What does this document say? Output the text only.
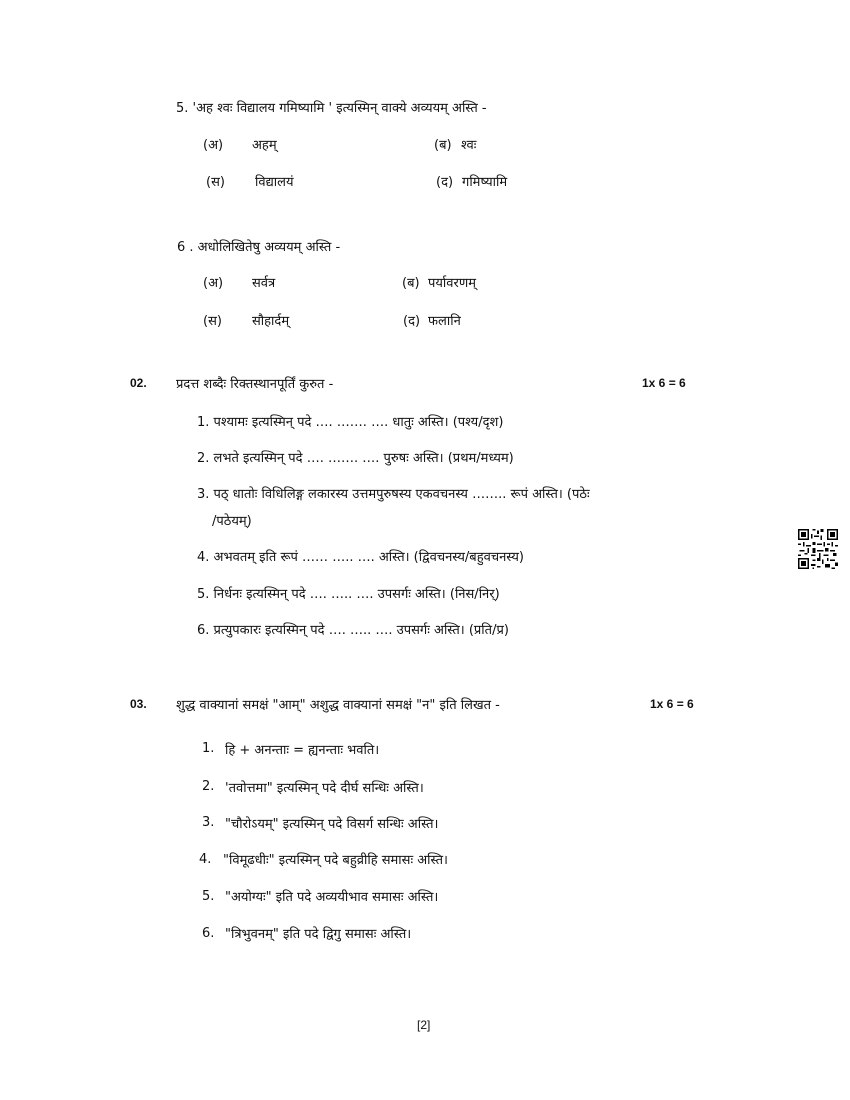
5. 'अह श्वः विद्यालय गमिष्यामि ' इत्यस्मिन् वाक्ये अव्ययम् अस्ति -
(अ) अहम्	(ब) श्वः
(स) विद्यालयं	(द) गमिष्यामि
6 . अधोलिखितेषु अव्ययम् अस्ति -
(अ) सर्वत्र	(ब) पर्यावरणम्
(स) सौहार्दम्	(द) फलानि
02. प्रदत्त शब्दैः रिक्तस्थानपूर्तिं कुरुत -	1x 6 = 6
1. पश्यामः इत्यस्मिन् पदे …. ……. …. धातुः अस्ति। (पश्य/दृश)
2. लभते इत्यस्मिन् पदे …. ……. …. पुरुषः अस्ति। (प्रथम/मध्यम)
3. पठ् धातोः विधिलिङ्ग लकारस्य उत्तमपुरुषस्य एकवचनस्य …….. रूपं अस्ति। (पठेः
/पठेयम्)
4. अभवतम् इति रूपं …… ….. …. अस्ति। (द्विवचनस्य/बहुवचनस्य)
5. निर्धनः इत्यस्मिन् पदे …. ….. …. उपसर्गः अस्ति। (निस/निर्)
6. प्रत्युपकारः इत्यस्मिन् पदे …. ….. …. उपसर्गः अस्ति। (प्रति/प्र)
03. शुद्ध वाक्यानां समक्षं "आम्" अशुद्ध वाक्यानां समक्षं "न" इति लिखत -	1x 6 = 6
1. हि + अनन्ताः = ह्यनन्ताः भवति।
2. 'तवोत्तमा" इत्यस्मिन् पदे दीर्घ सन्धिः अस्ति।
3. "चौरोऽयम्" इत्यस्मिन् पदे विसर्ग सन्धिः अस्ति।
4. "विमूढधीः" इत्यस्मिन् पदे बहुव्रीहि समासः अस्ति।
5. "अयोग्यः" इति पदे अव्ययीभाव समासः अस्ति।
6. "त्रिभुवनम्" इति पदे द्विगु समासः अस्ति।
[2]
